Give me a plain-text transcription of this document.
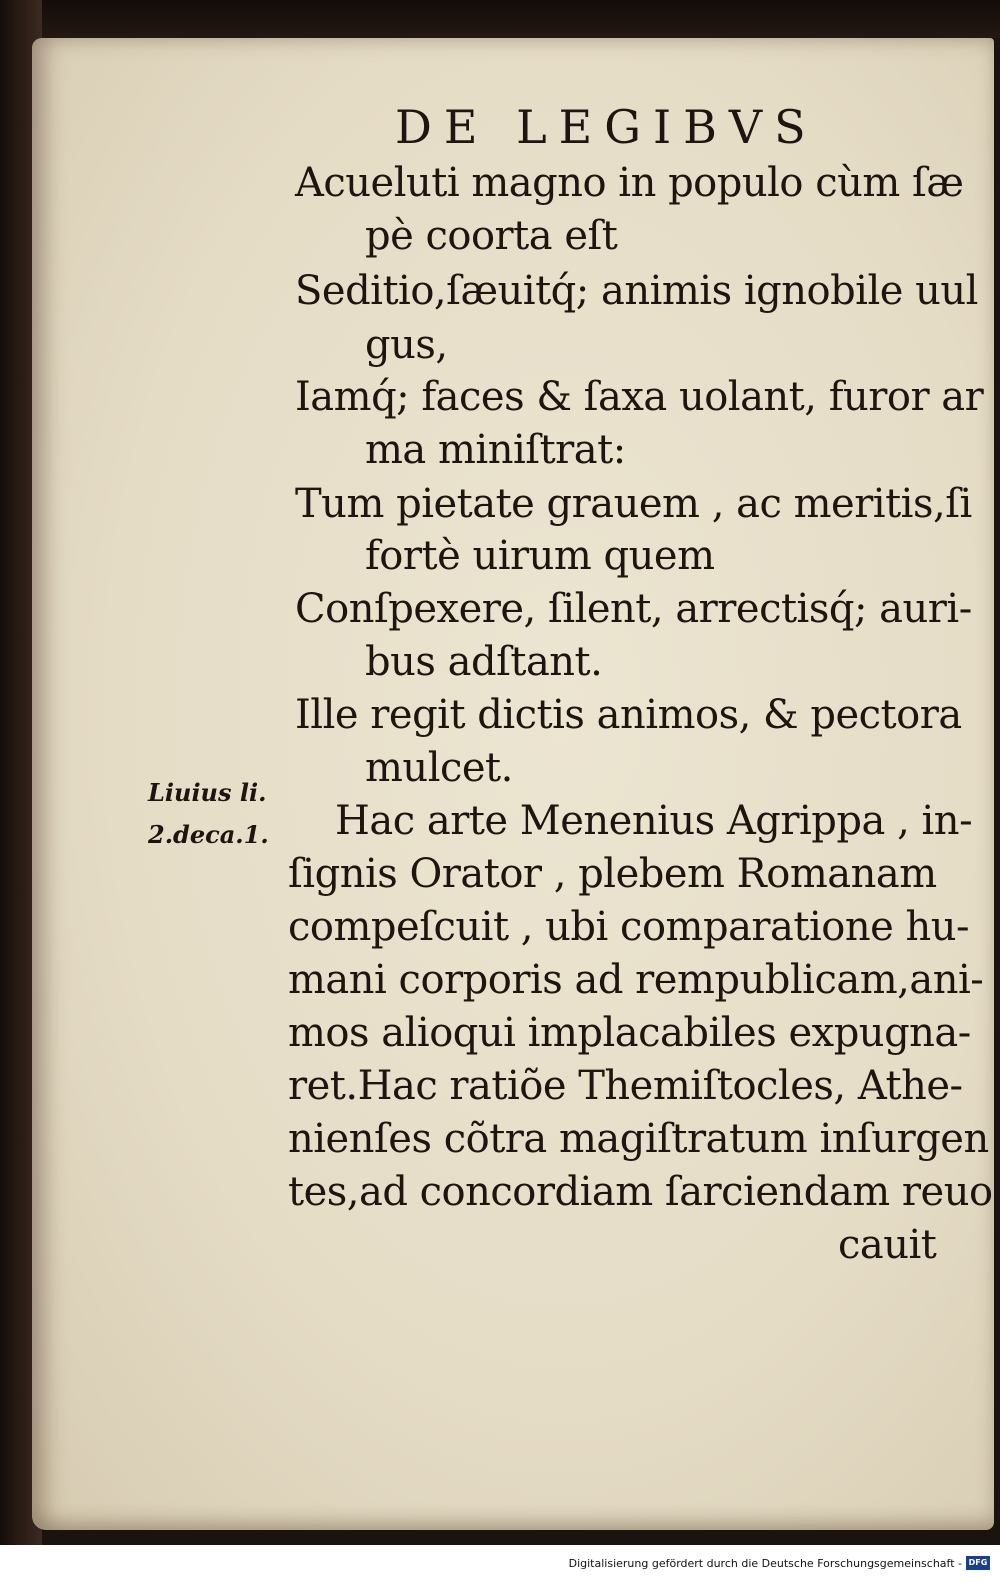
DE LEGIBVS
Acueluti magno in populo cùm ſæ
pè coorta eſt
Seditio,ſæuitq́; animis ignobile uul
gus,
Iamq́; faces & ſaxa uolant, furor ar
ma miniſtrat:
Tum pietate grauem , ac meritis,ſi
fortè uirum quem
Conſpexere, ſilent, arrectisq́; auri-
bus adſtant.
Ille regit dictis animos, & pectora
mulcet.
Liuius li.
2.deca.1. Hac arte Menenius Agrippa , in-
ſignis Orator , plebem Romanam
compeſcuit , ubi comparatione hu-
mani corporis ad rempublicam,ani-
mos alioqui implacabiles expugna-
ret.Hac ratiõe Themiſtocles, Athe-
nienſes cõtra magiſtratum inſurgen
tes,ad concordiam ſarciendam reuo
cauit
Digitalisierung gefördert durch die Deutsche Forschungsgemeinschaft - DFG
